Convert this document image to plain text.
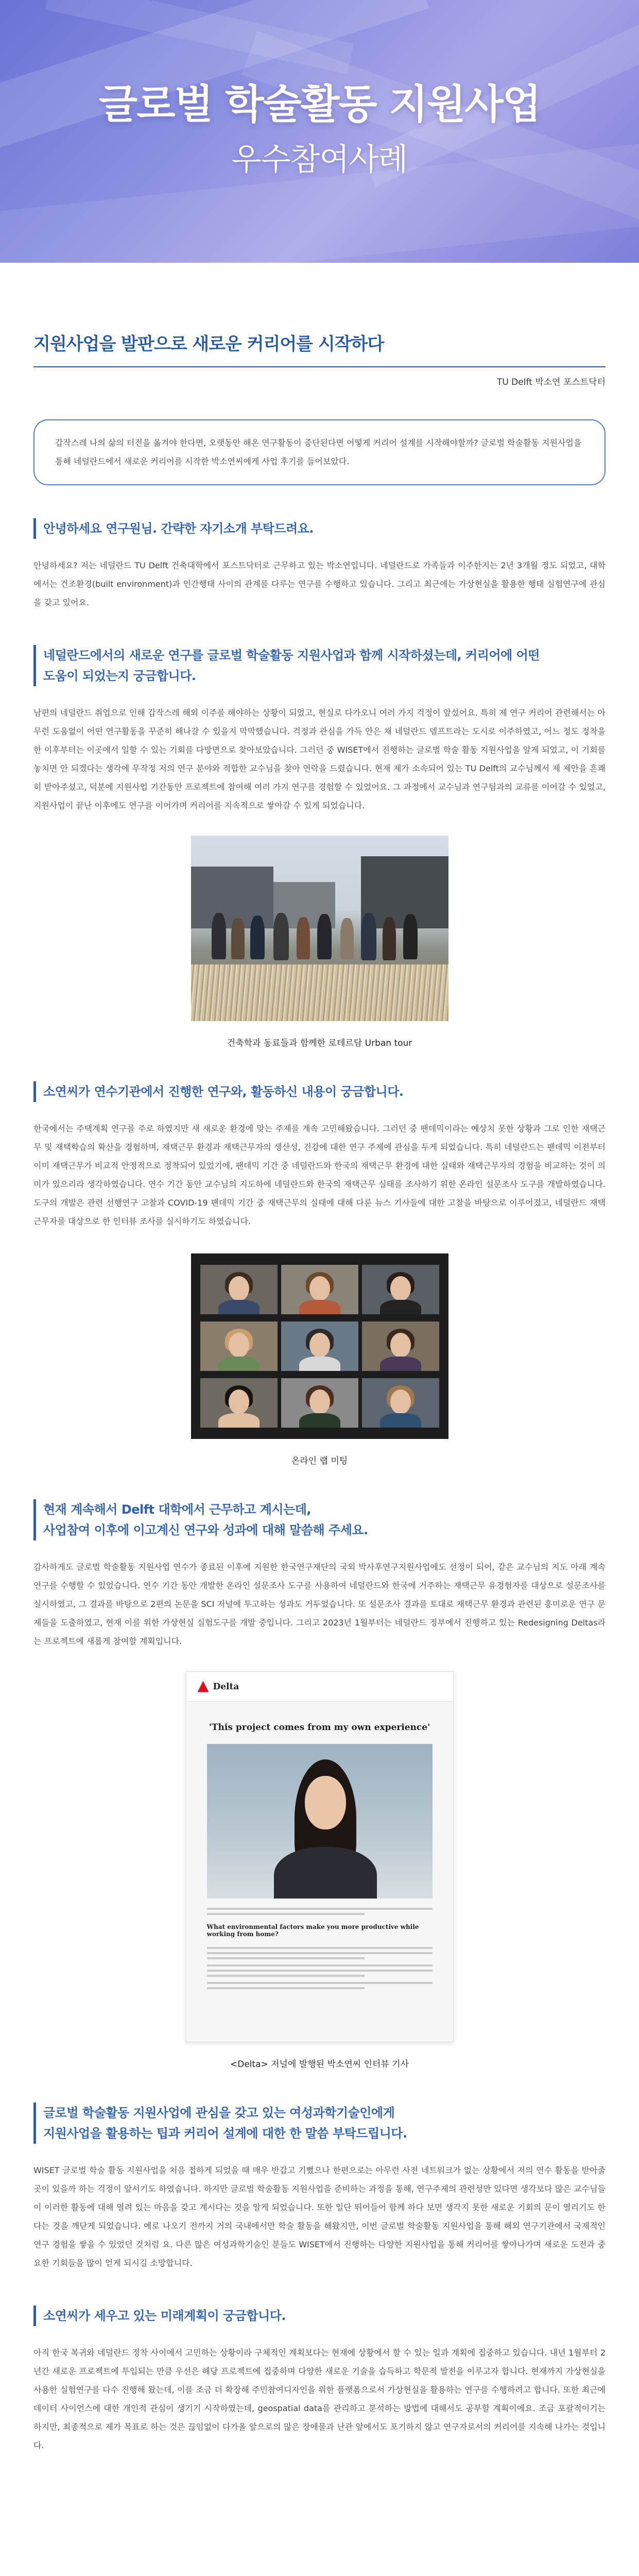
글로벌 학술활동 지원사업
우수참여사례
지원사업을 발판으로 새로운 커리어를 시작하다
TU Delft 박소연 포스트닥터
갑작스레 나의 삶의 터전을 옮겨야 한다면, 오랫동안 해온 연구활동이 중단된다면 어떻게 커리어 설계를 시작해야할까? 글로벌 학술활동 지원사업을 통해 네덜란드에서 새로운 커리어를 시작한 박소연씨에게 사업 후기를 들어보았다.
안녕하세요 연구원님. 간략한 자기소개 부탁드려요.
안녕하세요? 저는 네덜란드 TU Delft 건축대학에서 포스트닥터로 근무하고 있는 박소연입니다. 네덜란드로 가족들과 이주한지는 2년 3개월 정도 되었고, 대학에서는 건조환경(built environment)과 인간행태 사이의 관계를 다루는 연구를 수행하고 있습니다. 그리고 최근에는 가상현실을 활용한 행태 실험연구에 관심을 갖고 있어요.
네덜란드에서의 새로운 연구를 글로벌 학술활동 지원사업과 함께 시작하셨는데, 커리어에 어떤
도움이 되었는지 궁금합니다.
남편의 네덜란드 취업으로 인해 갑작스레 해외 이주를 해야하는 상황이 되었고, 현실로 다가오니 여러 가지 걱정이 앞섰어요. 특히 제 연구 커리어 관련해서는 아무런 도움없이 어떤 연구활동을 꾸준히 해나갈 수 있을지 막막했습니다. 걱정과 관심을 가득 안은 채 네덜란드 델프트라는 도시로 이주하였고, 어느 정도 정착을 한 이후부터는 이곳에서 일할 수 있는 기회를 다방면으로 찾아보았습니다. 그러던 중 WISET에서 진행하는 글로벌 학술 활동 지원사업을 알게 되었고, 이 기회를 놓치면 안 되겠다는 생각에 무작정 저의 연구 분야와 적합한 교수님을 찾아 연락을 드렸습니다. 현재 제가 소속되어 있는 TU Delft의 교수님께서 제 제안을 흔쾌히 받아주셨고, 덕분에 지원사업 기간동안 프로젝트에 참여해 여러 가지 연구를 경험할 수 있었어요. 그 과정에서 교수님과 연구팀과의 교류를 이어갈 수 있었고, 지원사업이 끝난 이후에도 연구를 이어가며 커리어를 지속적으로 쌓아갈 수 있게 되었습니다.
건축학과 동료들과 함께한 로테르담 Urban tour
소연씨가 연수기관에서 진행한 연구와, 활동하신 내용이 궁금합니다.
한국에서는 주택계획 연구를 주로 하였지만 새 새로운 환경에 맞는 주제를 계속 고민해왔습니다. 그러던 중 팬데믹이라는 예상치 못한 상황과 그로 인한 재택근무 및 재택학습의 확산을 경험하며, 재택근무 환경과 재택근무자의 생산성, 건강에 대한 연구 주제에 관심을 두게 되었습니다. 특히 네덜란드는 팬데믹 이전부터 이미 재택근무가 비교적 안정적으로 정착되어 있었기에, 팬데믹 기간 중 네덜란드와 한국의 재택근무 환경에 대한 실태와 재택근무자의 경험을 비교하는 것이 의미가 있으리라 생각하였습니다. 연수 기간 동안 교수님의 지도하에 네덜란드와 한국의 재택근무 실태를 조사하기 위한 온라인 설문조사 도구를 개발하였습니다. 도구의 개발은 관련 선행연구 고찰과 COVID-19 팬데믹 기간 중 재택근무의 실태에 대해 다룬 뉴스 기사들에 대한 고찰을 바탕으로 이루어졌고, 네덜란드 재택근무자를 대상으로 한 인터뷰 조사를 실시하기도 하였습니다.
온라인 랩 미팅
현재 계속해서 Delft 대학에서 근무하고 계시는데,
사업참여 이후에 이고계신 연구와 성과에 대해 말씀해 주세요.
감사하게도 글로벌 학술활동 지원사업 연수가 종료된 이후에 지원한 한국연구재단의 국외 박사후연구지원사업에도 선정이 되어, 같은 교수님의 지도 아래 계속 연구를 수행할 수 있었습니다. 연수 기간 동안 개발한 온라인 설문조사 도구를 사용하여 네덜란드와 한국에 거주하는 재택근무 유경험자를 대상으로 설문조사를 실시하였고, 그 결과를 바탕으로 2편의 논문을 SCI 저널에 투고하는 성과도 거두었습니다. 또 설문조사 결과를 토대로 재택근무 환경과 관련된 흥미로운 연구 문제들을 도출하였고, 현재 이를 위한 가상현실 실험도구를 개발 중입니다. 그리고 2023년 1월부터는 네덜란드 정부에서 진행하고 있는 Redesigning Deltas라는 프로젝트에 새롭게 참여할 계획입니다.
Delta
'This project comes from my own experience'
What environmental factors make you more productive while working from home?
<Delta> 저널에 발행된 박소연씨 인터뷰 기사
글로벌 학술활동 지원사업에 관심을 갖고 있는 여성과학기술인에게
지원사업을 활용하는 팁과 커리어 설계에 대한 한 말씀 부탁드립니다.
WISET 글로벌 학술 활동 지원사업을 처음 접하게 되었을 때 매우 반갑고 기뻤으나 한편으로는 아무런 사전 네트워크가 없는 상황에서 저의 연수 활동을 받아줄 곳이 있을까 하는 걱정이 앞서기도 하였습니다. 하지만 글로벌 학술활동 지원사업을 준비하는 과정을 통해, 연구주제의 관련성만 있다면 생각보다 많은 교수님들이 이러한 활동에 대해 열려 있는 마음을 갖고 계시다는 것을 알게 되었습니다. 또한 일단 뛰어들어 함께 하다 보면 생각지 못한 새로운 기회의 문이 열리기도 한다는 것을 깨닫게 되었습니다. 예로 나오기 전까지 거의 국내에서만 학술 활동을 해왔지만, 이번 글로벌 학술활동 지원사업을 통해 해외 연구기관에서 국제적인 연구 경험을 쌓을 수 있었던 것처럼 요. 다른 많은 여성과학기술인 분들도 WISET에서 진행하는 다양한 지원사업을 통해 커리어를 쌓아나가며 새로운 도전과 중요한 기회들을 많이 얻게 되시길 소망합니다.
소연씨가 세우고 있는 미래계획이 궁금합니다.
아직 한국 복귀와 네덜란드 정착 사이에서 고민하는 상황이라 구체적인 계획보다는 현재에 상황에서 할 수 있는 일과 계획에 집중하고 있습니다. 내년 1월부터 2년간 새로운 프로젝트에 투입되는 만큼 우선은 해당 프로젝트에 집중하며 다양한 새로운 기술을 습득하고 학문적 발전을 이루고자 합니다. 현재까지 가상현실을 사용한 실험연구를 다수 진행해 왔는데, 이를 조금 더 확장해 주민참여디자인을 위한 플랫폼으로서 가상현실을 활용하는 연구를 수행하려고 합니다. 또한 최근에 데이터 사이언스에 대한 개인적 관심이 생기기 시작하였는데, geospatial data를 관리하고 분석하는 방법에 대해서도 공부할 계획이에요. 조금 포괄적이기는 하지만, 최종적으로 제가 목표로 하는 것은 끊임없이 다가올 앞으로의 많은 장애물과 난관 앞에서도 포기하지 않고 연구자로서의 커리어를 지속해 나가는 것입니다.
